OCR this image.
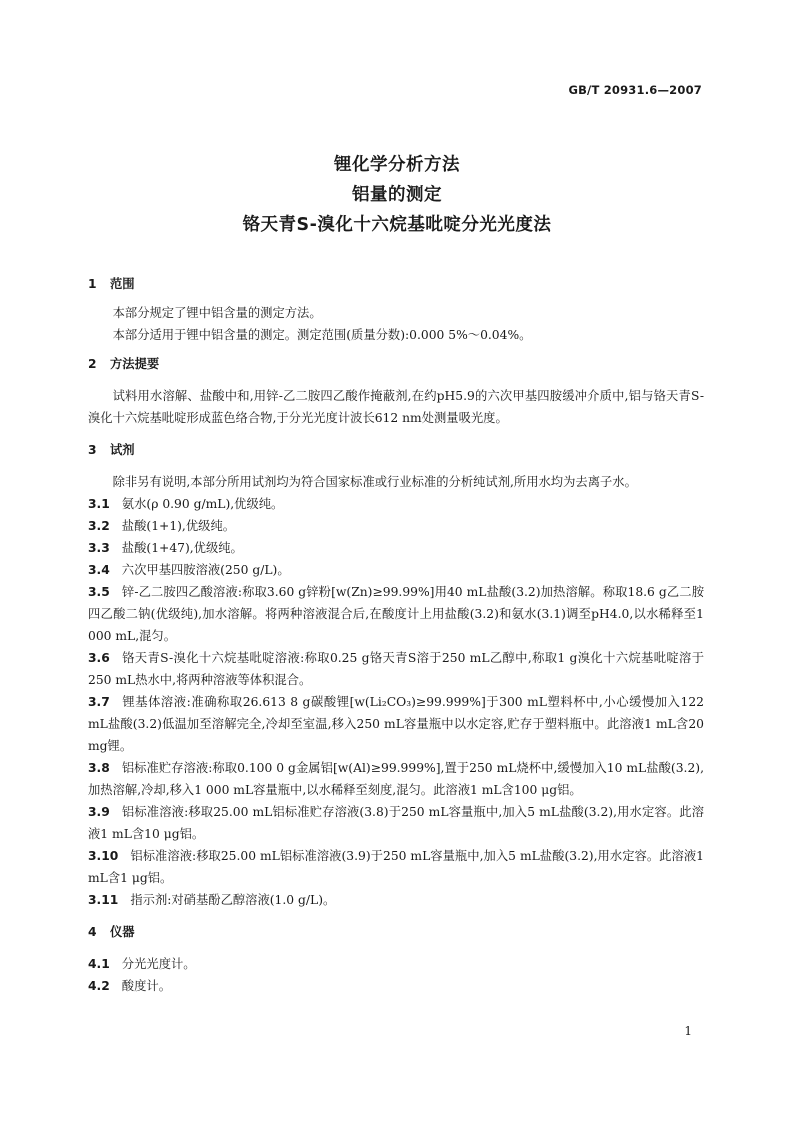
GB/T 20931.6—2007
锂化学分析方法
铝量的测定
铬天青S-溴化十六烷基吡啶分光光度法
1 范围
本部分规定了锂中铝含量的测定方法。
本部分适用于锂中铝含量的测定。测定范围(质量分数):0.000 5%～0.04%。
2 方法提要
试料用水溶解、盐酸中和,用锌-乙二胺四乙酸作掩蔽剂,在约pH5.9的六次甲基四胺缓冲介质中,铝与铬天青S-溴化十六烷基吡啶形成蓝色络合物,于分光光度计波长612 nm处测量吸光度。
3 试剂
除非另有说明,本部分所用试剂均为符合国家标准或行业标准的分析纯试剂,所用水均为去离子水。
3.1 氨水(ρ 0.90 g/mL),优级纯。
3.2 盐酸(1+1),优级纯。
3.3 盐酸(1+47),优级纯。
3.4 六次甲基四胺溶液(250 g/L)。
3.5 锌-乙二胺四乙酸溶液:称取3.60 g锌粉[w(Zn)≥99.99%]用40 mL盐酸(3.2)加热溶解。称取18.6 g乙二胺四乙酸二钠(优级纯),加水溶解。将两种溶液混合后,在酸度计上用盐酸(3.2)和氨水(3.1)调至pH4.0,以水稀释至1 000 mL,混匀。
3.6 铬天青S-溴化十六烷基吡啶溶液:称取0.25 g铬天青S溶于250 mL乙醇中,称取1 g溴化十六烷基吡啶溶于250 mL热水中,将两种溶液等体积混合。
3.7 锂基体溶液:准确称取26.613 8 g碳酸锂[w(Li₂CO₃)≥99.999%]于300 mL塑料杯中,小心缓慢加入122 mL盐酸(3.2)低温加至溶解完全,冷却至室温,移入250 mL容量瓶中以水定容,贮存于塑料瓶中。此溶液1 mL含20 mg锂。
3.8 铝标准贮存溶液:称取0.100 0 g金属铝[w(Al)≥99.999%],置于250 mL烧杯中,缓慢加入10 mL盐酸(3.2),加热溶解,冷却,移入1 000 mL容量瓶中,以水稀释至刻度,混匀。此溶液1 mL含100 μg铝。
3.9 铝标准溶液:移取25.00 mL铝标准贮存溶液(3.8)于250 mL容量瓶中,加入5 mL盐酸(3.2),用水定容。此溶液1 mL含10 μg铝。
3.10 铝标准溶液:移取25.00 mL铝标准溶液(3.9)于250 mL容量瓶中,加入5 mL盐酸(3.2),用水定容。此溶液1 mL含1 μg铝。
3.11 指示剂:对硝基酚乙醇溶液(1.0 g/L)。
4 仪器
4.1 分光光度计。
4.2 酸度计。
1
